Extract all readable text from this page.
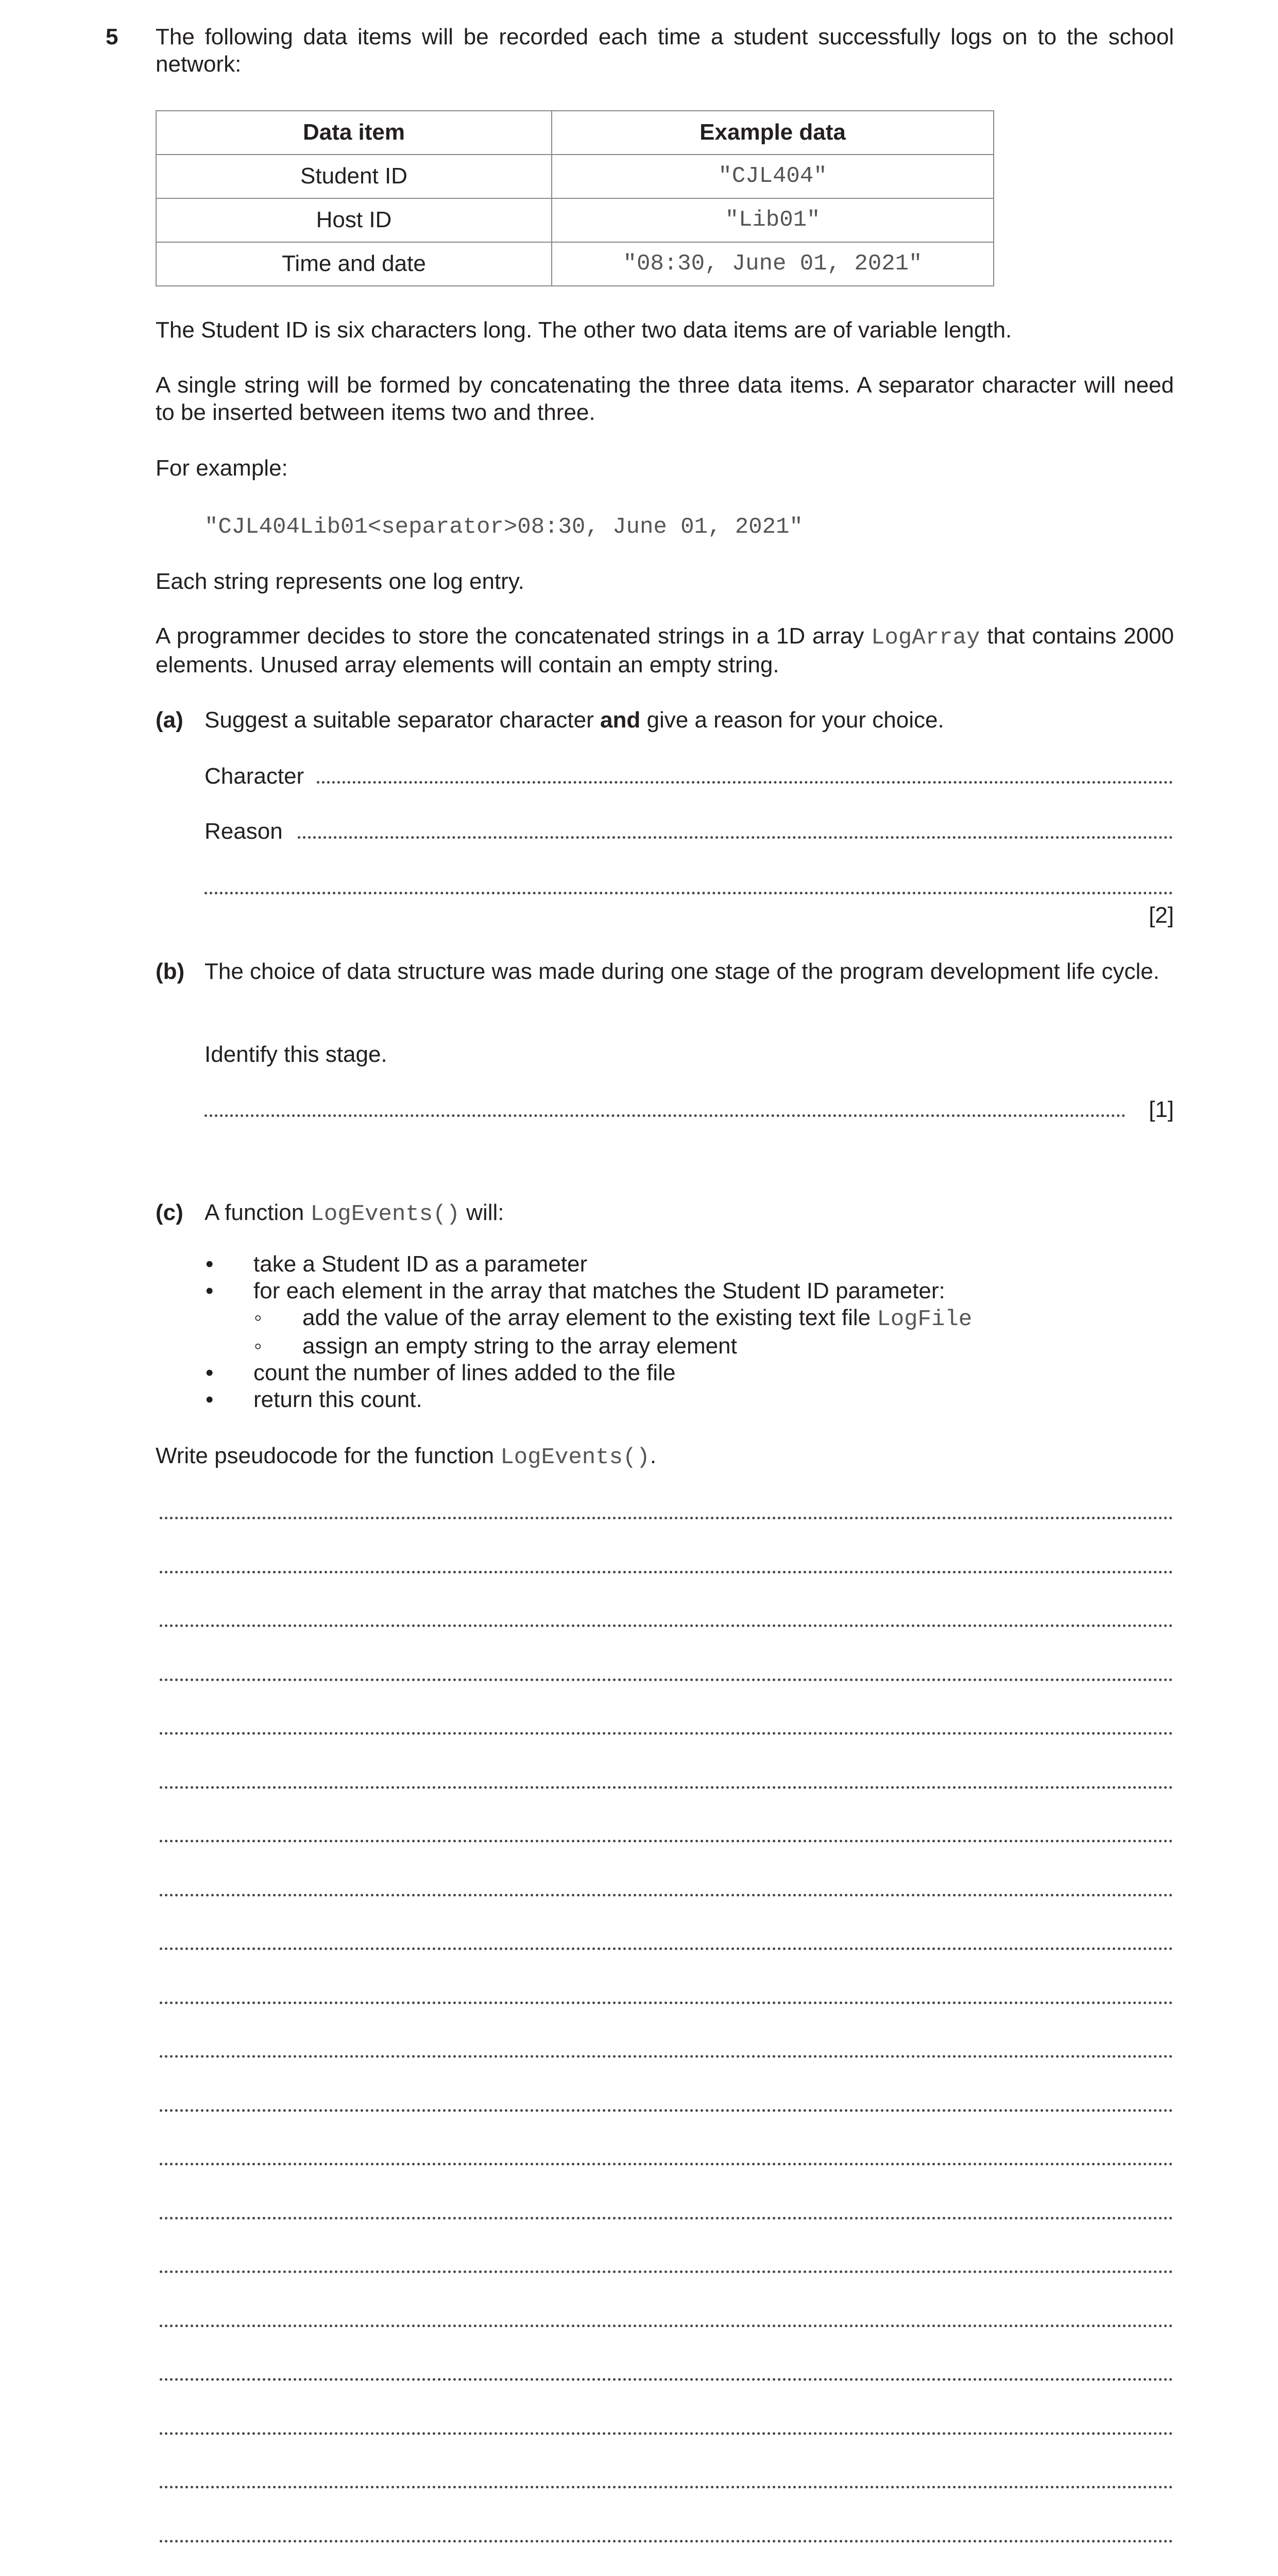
5 The following data items will be recorded each time a student successfully logs on to the school network:
Data item	Example data
Student ID	"CJL404"
Host ID	"Lib01"
Time and date	"08:30, June 01, 2021"
The Student ID is six characters long. The other two data items are of variable length.
A single string will be formed by concatenating the three data items. A separator character will need to be inserted between items two and three.
For example:
"CJL404Lib01<separator>08:30, June 01, 2021"
Each string represents one log entry.
A programmer decides to store the concatenated strings in a 1D array LogArray that contains 2000 elements. Unused array elements will contain an empty string.
(a) Suggest a suitable separator character and give a reason for your choice.
Character
Reason
[2]
(b) The choice of data structure was made during one stage of the program development life cycle.
Identify this stage.
[1]
(c) A function LogEvents() will:
• take a Student ID as a parameter
• for each element in the array that matches the Student ID parameter:
◦ add the value of the array element to the existing text file LogFile
◦ assign an empty string to the array element
• count the number of lines added to the file
• return this count.
Write pseudocode for the function LogEvents().
